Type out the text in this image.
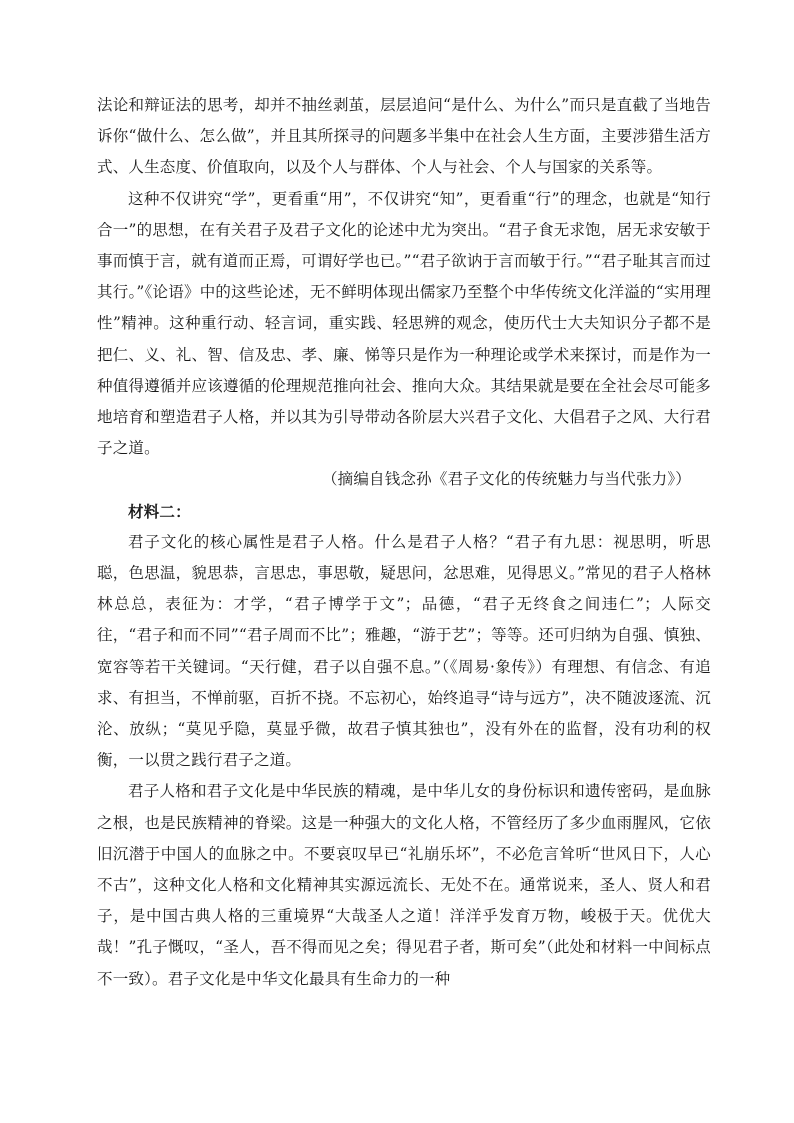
法论和辩证法的思考，却并不抽丝剥茧，层层追问“是什么、为什么”而只是直截了当地告诉你“做什么、怎么做”，并且其所探寻的问题多半集中在社会人生方面，主要涉猎生活方式、人生态度、价值取向，以及个人与群体、个人与社会、个人与国家的关系等。

这种不仅讲究“学”，更看重“用”，不仅讲究“知”，更看重“行”的理念，也就是“知行合一”的思想，在有关君子及君子文化的论述中尤为突出。“君子食无求饱，居无求安敏于事而慎于言，就有道而正焉，可谓好学也已。”“君子欲讷于言而敏于行。”“君子耻其言而过其行。”《论语》中的这些论述，无不鲜明体现出儒家乃至整个中华传统文化洋溢的“实用理性”精神。这种重行动、轻言词，重实践、轻思辨的观念，使历代士大夫知识分子都不是把仁、义、礼、智、信及忠、孝、廉、悌等只是作为一种理论或学术来探讨，而是作为一种值得遵循并应该遵循的伦理规范推向社会、推向大众。其结果就是要在全社会尽可能多地培育和塑造君子人格，并以其为引导带动各阶层大兴君子文化、大倡君子之风、大行君子之道。

（摘编自钱念孙《君子文化的传统魅力与当代张力》）

材料二：

君子文化的核心属性是君子人格。什么是君子人格？“君子有九思：视思明，听思聪，色思温，貌思恭，言思忠，事思敬，疑思问，忿思难，见得思义。”常见的君子人格林林总总，表征为：才学，“君子博学于文”；品德，“君子无终食之间违仁”；人际交往，“君子和而不同”“君子周而不比”；雅趣，“游于艺”；等等。还可归纳为自强、慎独、宽容等若干关键词。“天行健，君子以自强不息。”（《周易·象传》）有理想、有信念、有追求、有担当，不惮前驱，百折不挠。不忘初心，始终追寻“诗与远方”，决不随波逐流、沉沦、放纵；“莫见乎隐，莫显乎微，故君子慎其独也”，没有外在的监督，没有功利的权衡，一以贯之践行君子之道。

君子人格和君子文化是中华民族的精魂，是中华儿女的身份标识和遗传密码，是血脉之根，也是民族精神的脊梁。这是一种强大的文化人格，不管经历了多少血雨腥风，它依旧沉潜于中国人的血脉之中。不要哀叹早已“礼崩乐坏”，不必危言耸听“世风日下，人心不古”，这种文化人格和文化精神其实源远流长、无处不在。通常说来，圣人、贤人和君子，是中国古典人格的三重境界“大哉圣人之道！洋洋乎发育万物，峻极于天。优优大哉！”孔子慨叹，“圣人，吾不得而见之矣；得见君子者，斯可矣”（此处和材料一中间标点不一致）。君子文化是中华文化最具有生命力的一种
